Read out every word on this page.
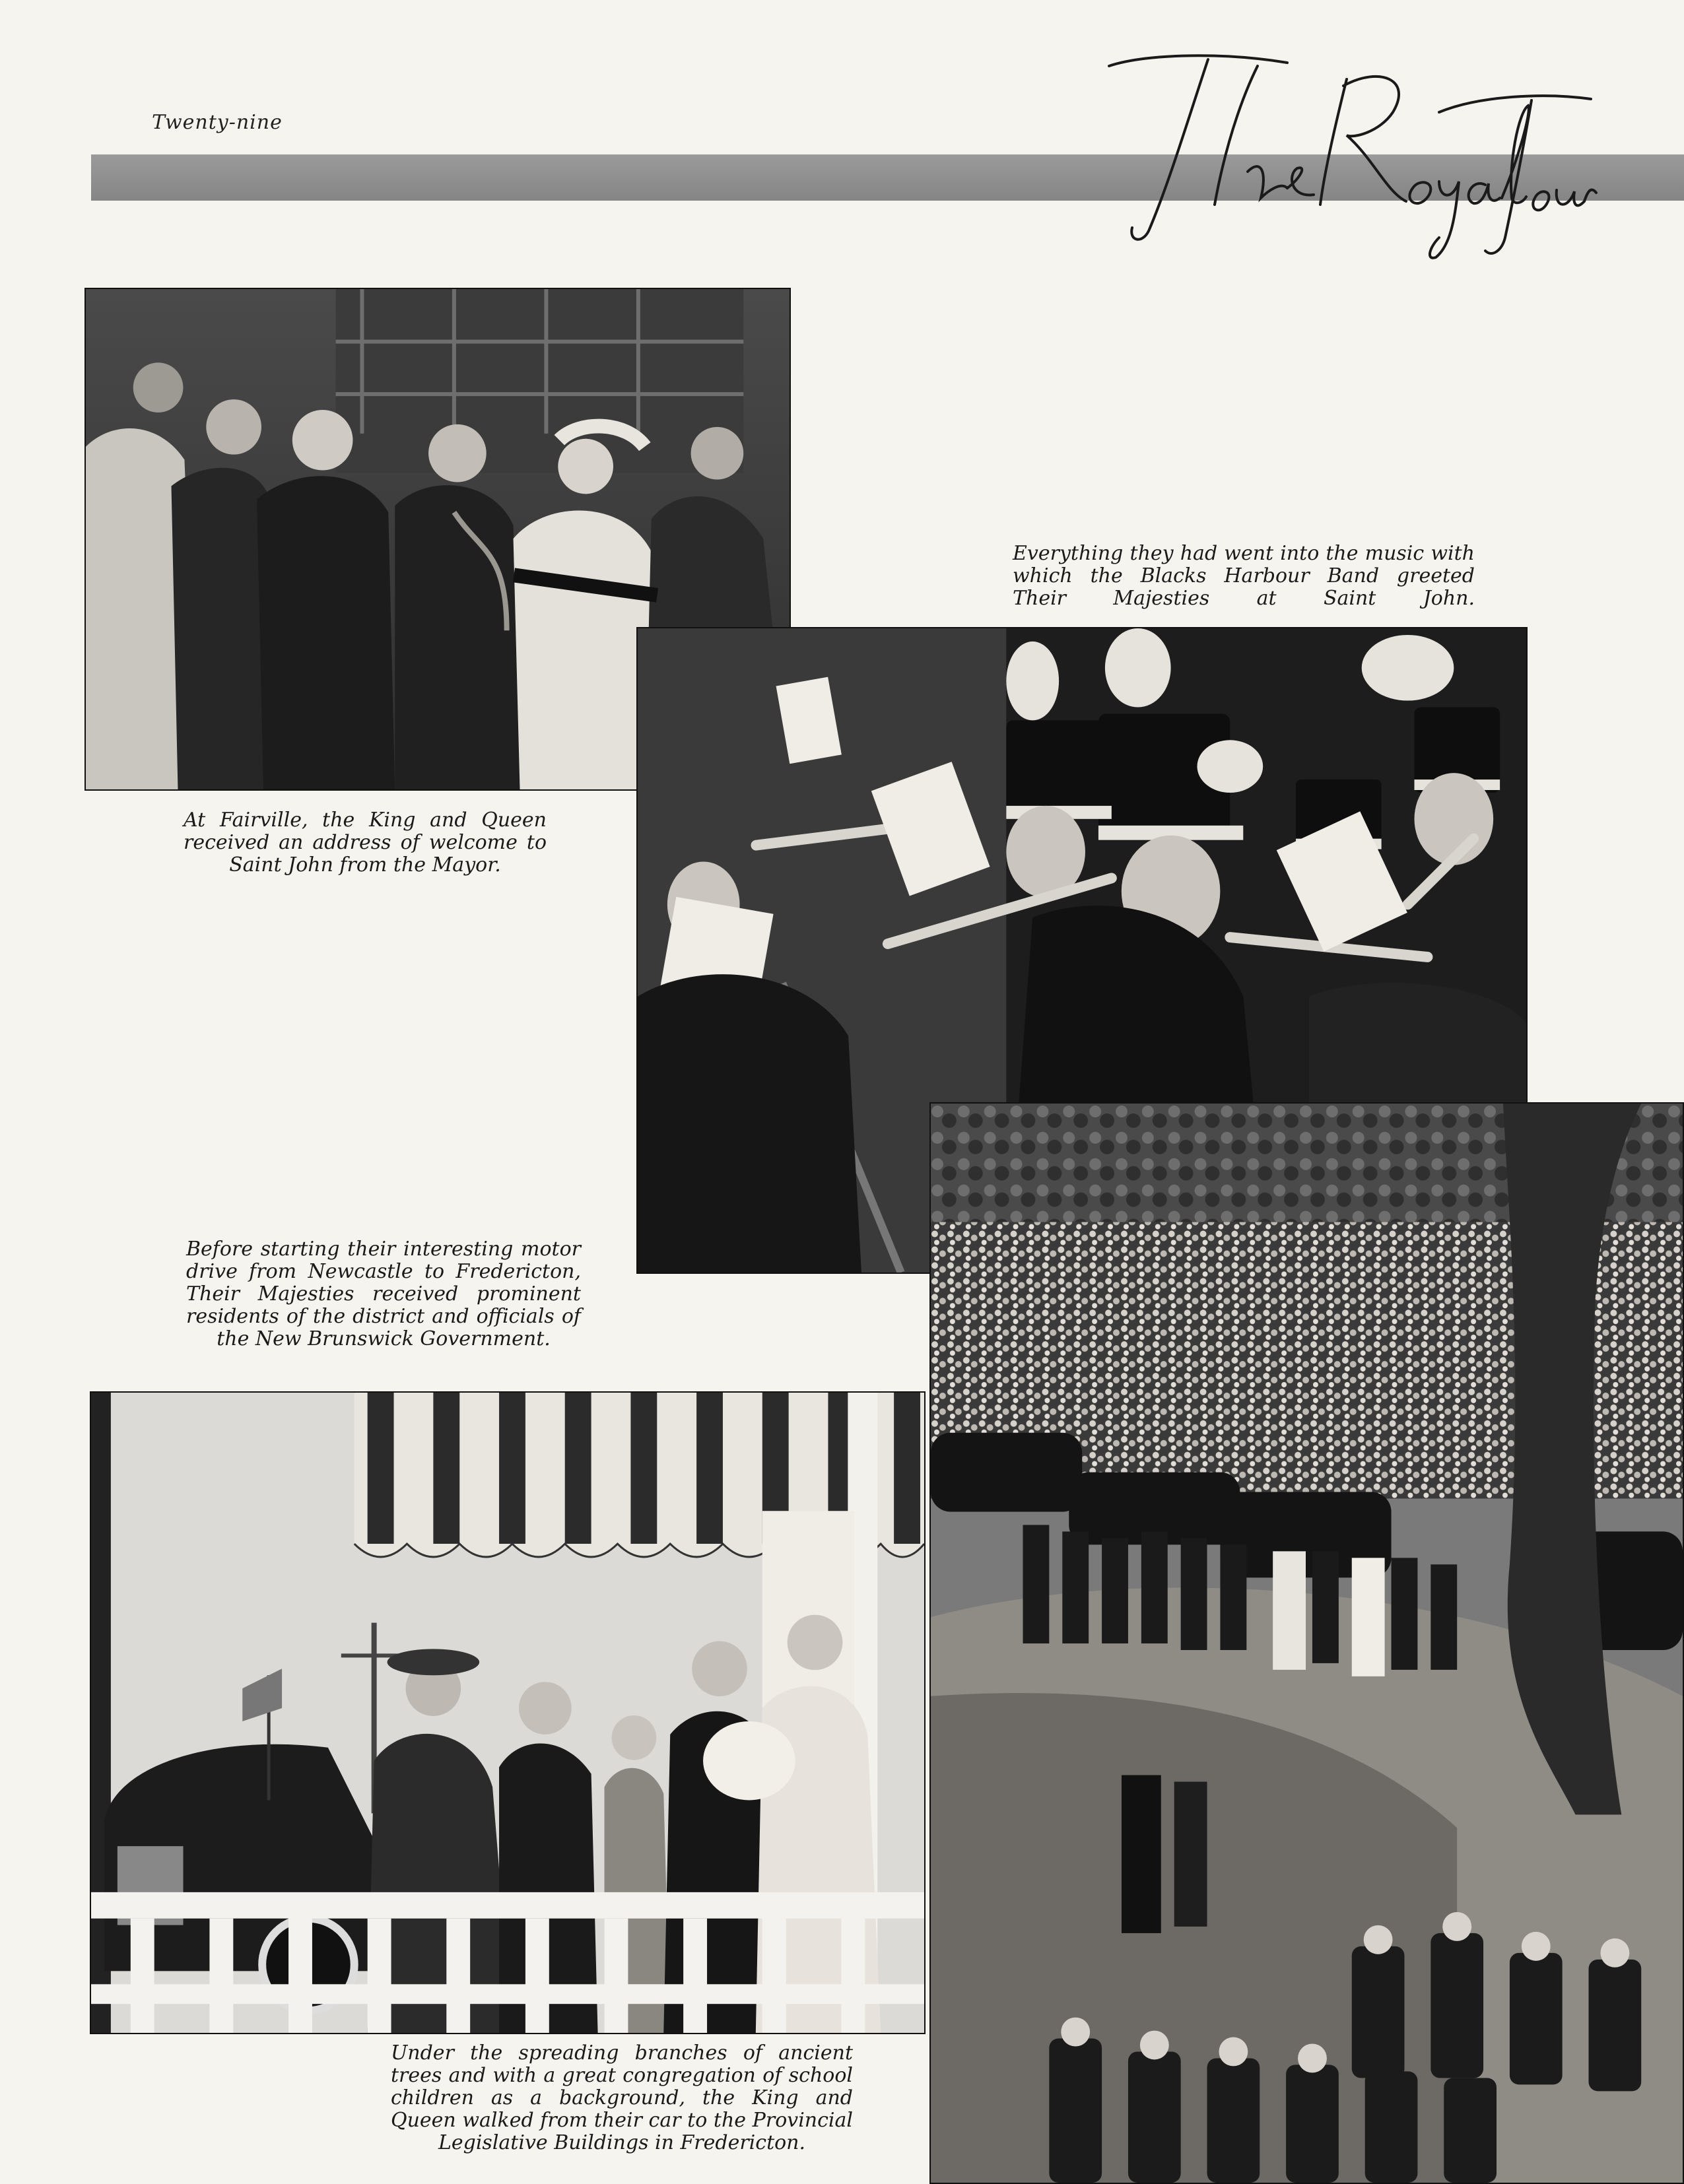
Twenty-nine

At Fairville, the King and Queen received an address of welcome to Saint John from the Mayor.

Everything they had went into the music with which the Blacks Harbour Band greeted Their Majesties at Saint John.

Before starting their interesting motor drive from Newcastle to Fredericton, Their Majesties received prominent residents of the district and officials of the New Brunswick Government.

Under the spreading branches of ancient trees and with a great congregation of school children as a background, the King and Queen walked from their car to the Provincial Legislative Buildings in Fredericton.
